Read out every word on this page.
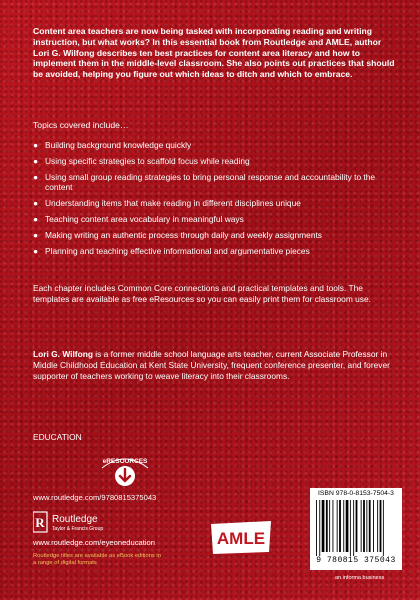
Content area teachers are now being tasked with incorporating reading and writing instruction, but what works? In this essential book from Routledge and AMLE, author Lori G. Wilfong describes ten best practices for content area literacy and how to implement them in the middle-level classroom. She also points out practices that should be avoided, helping you figure out which ideas to ditch and which to embrace.
Topics covered include…
● Building background knowledge quickly
● Using specific strategies to scaffold focus while reading
● Using small group reading strategies to bring personal response and accountability to the content
● Understanding items that make reading in different disciplines unique
● Teaching content area vocabulary in meaningful ways
● Making writing an authentic process through daily and weekly assignments
● Planning and teaching effective informational and argumentative pieces
Each chapter includes Common Core connections and practical templates and tools. The templates are available as free eResources so you can easily print them for classroom use.
Lori G. Wilfong is a former middle school language arts teacher, current Associate Professor in Middle Childhood Education at Kent State University, frequent conference presenter, and forever supporter of teachers working to weave literacy into their classrooms.
EDUCATION
eRESOURCES
www.routledge.com/9780815375043
R Routledge
Taylor & Francis Group
www.routledge.com/eyeoneducation
Routledge titles are available as eBook editions in a range of digital formats
AMLE
ISBN 978-0-8153-7504-3
9 780815 375043
an informa business
